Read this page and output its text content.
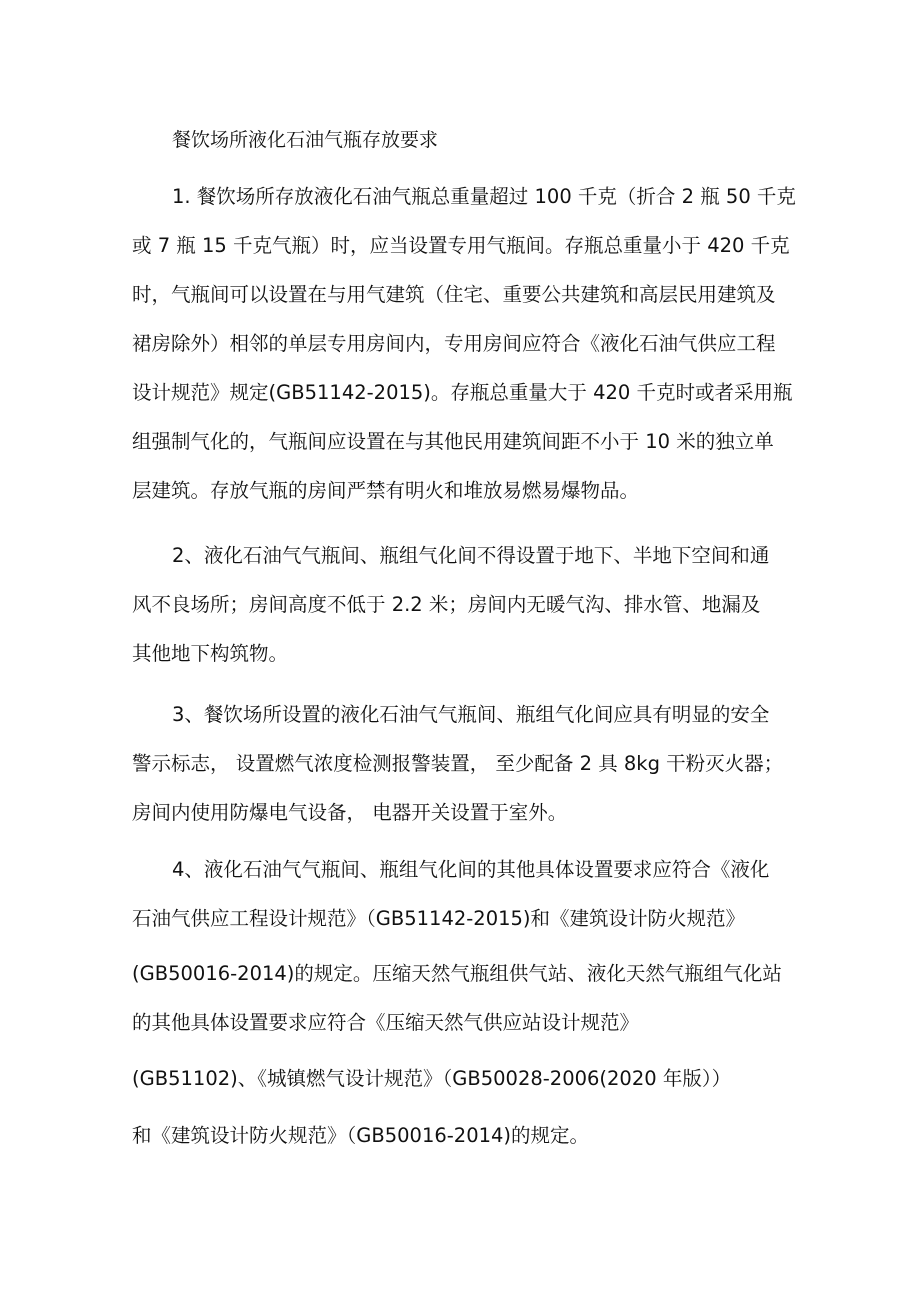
餐饮场所液化石油气瓶存放要求
1. 餐饮场所存放液化石油气瓶总重量超过 100 千克（折合 2 瓶 50 千克
或 7 瓶 15 千克气瓶）时，应当设置专用气瓶间。存瓶总重量小于 420 千克
时，气瓶间可以设置在与用气建筑（住宅、重要公共建筑和高层民用建筑及
裙房除外）相邻的单层专用房间内，专用房间应符合《液化石油气供应工程
设计规范》规定(GB51142-2015)。存瓶总重量大于 420 千克时或者采用瓶
组强制气化的，气瓶间应设置在与其他民用建筑间距不小于 10 米的独立单
层建筑。存放气瓶的房间严禁有明火和堆放易燃易爆物品。
2、液化石油气气瓶间、瓶组气化间不得设置于地下、半地下空间和通
风不良场所；房间高度不低于 2.2 米；房间内无暖气沟、排水管、地漏及
其他地下构筑物。
3、餐饮场所设置的液化石油气气瓶间、瓶组气化间应具有明显的安全
警示标志， 设置燃气浓度检测报警装置， 至少配备 2 具 8kg 干粉灭火器；
房间内使用防爆电气设备， 电器开关设置于室外。
4、液化石油气气瓶间、瓶组气化间的其他具体设置要求应符合《液化
石油气供应工程设计规范》（GB51142-2015)和《建筑设计防火规范》
(GB50016-2014)的规定。压缩天然气瓶组供气站、液化天然气瓶组气化站
的其他具体设置要求应符合《压缩天然气供应站设计规范》
(GB51102)、《城镇燃气设计规范》（GB50028-2006(2020 年版））
和《建筑设计防火规范》（GB50016-2014)的规定。
